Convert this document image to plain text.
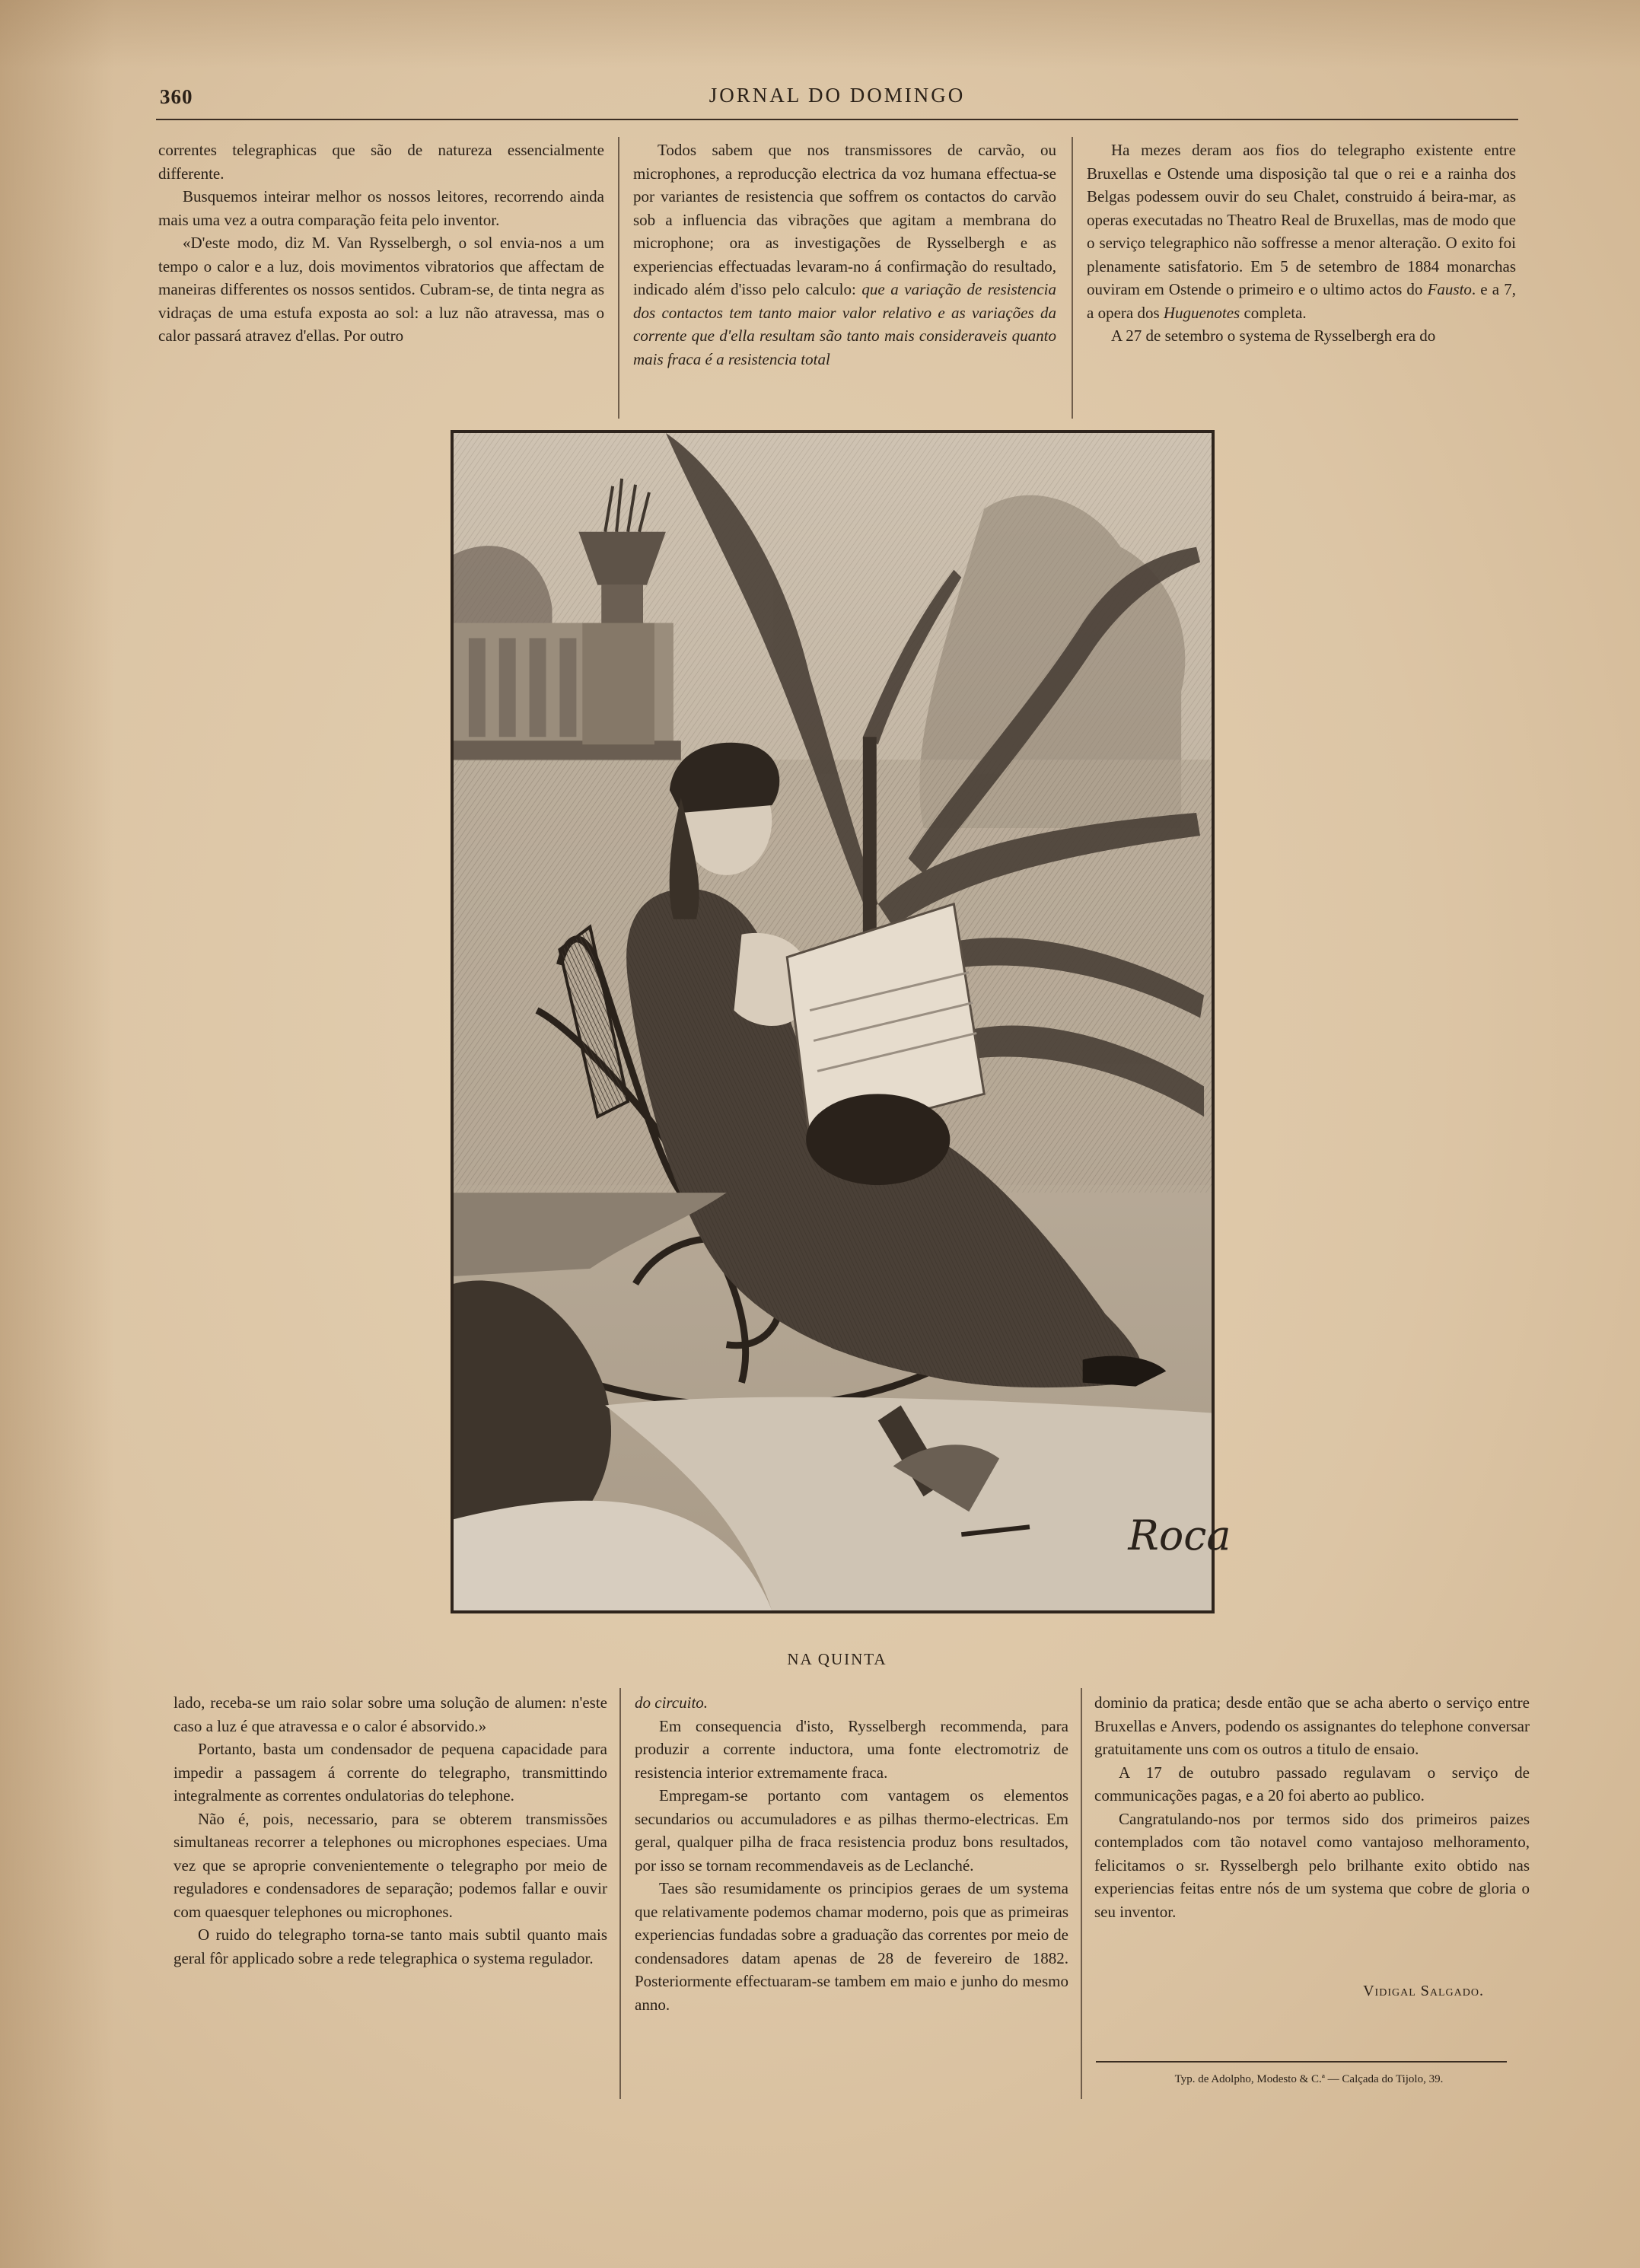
360	JORNAL DO DOMINGO

correntes telegraphicas que são de natureza essencialmente differente.

Busquemos inteirar melhor os nossos leitores, recorrendo ainda mais uma vez a outra comparação feita pelo inventor.

«D'este modo, diz M. Van Rysselbergh, o sol envia-nos a um tempo o calor e a luz, dois movimentos vibratorios que affectam de maneiras differentes os nossos sentidos. Cubram-se, de tinta negra as vidraças de uma estufa exposta ao sol: a luz não atravessa, mas o calor passará atravez d'ellas. Por outro

Todos sabem que nos transmissores de carvão, ou microphones, a reproducção electrica da voz humana effectua-se por variantes de resistencia que soffrem os contactos do carvão sob a influencia das vibrações que agitam a membrana do microphone; ora as investigações de Rysselbergh e as experiencias effectuadas levaram-no á confirmação do resultado, indicado além d'isso pelo calculo: que a variação de resistencia dos contactos tem tanto maior valor relativo e as variações da corrente que d'ella resultam são tanto mais consideraveis quanto mais fraca é a resistencia total

Ha mezes deram aos fios do telegrapho existente entre Bruxellas e Ostende uma disposição tal que o rei e a rainha dos Belgas podessem ouvir do seu Chalet, construido á beira-mar, as operas executadas no Theatro Real de Bruxellas, mas de modo que o serviço telegraphico não soffresse a menor alteração. O exito foi plenamente satisfatorio. Em 5 de setembro de 1884 monarchas ouviram em Ostende o primeiro e o ultimo actos do Fausto. e a 7, a opera dos Huguenotes completa.

A 27 de setembro o systema de Rysselbergh era do

Roca
NA QUINTA

lado, receba-se um raio solar sobre uma solução de alumen: n'este caso a luz é que atravessa e o calor é absorvido.»

Portanto, basta um condensador de pequena capacidade para impedir a passagem á corrente do telegrapho, transmittindo integralmente as correntes ondulatorias do telephone.

Não é, pois, necessario, para se obterem transmissões simultaneas recorrer a telephones ou microphones especiaes. Uma vez que se aproprie convenientemente o telegrapho por meio de reguladores e condensadores de separação; podemos fallar e ouvir com quaesquer telephones ou microphones.

O ruido do telegrapho torna-se tanto mais subtil quanto mais geral fôr applicado sobre a rede telegraphica o systema regulador.

do circuito.

Em consequencia d'isto, Rysselbergh recommenda, para produzir a corrente inductora, uma fonte electromotriz de resistencia interior extremamente fraca.

Empregam-se portanto com vantagem os elementos secundarios ou accumuladores e as pilhas thermo-electricas. Em geral, qualquer pilha de fraca resistencia produz bons resultados, por isso se tornam recommendaveis as de Leclanché.

Taes são resumidamente os principios geraes de um systema que relativamente podemos chamar moderno, pois que as primeiras experiencias fundadas sobre a graduação das correntes por meio de condensadores datam apenas de 28 de fevereiro de 1882. Posteriormente effectuaram-se tambem em maio e junho do mesmo anno.

dominio da pratica; desde então que se acha aberto o serviço entre Bruxellas e Anvers, podendo os assignantes do telephone conversar gratuitamente uns com os outros a titulo de ensaio.

A 17 de outubro passado regulavam o serviço de communicações pagas, e a 20 foi aberto ao publico.

Cangratulando-nos por termos sido dos primeiros paizes contemplados com tão notavel como vantajoso melhoramento, felicitamos o sr. Rysselbergh pelo brilhante exito obtido nas experiencias feitas entre nós de um systema que cobre de gloria o seu inventor.

Vidigal Salgado.
Typ. de Adolpho, Modesto & C.ª — Calçada do Tijolo, 39.
